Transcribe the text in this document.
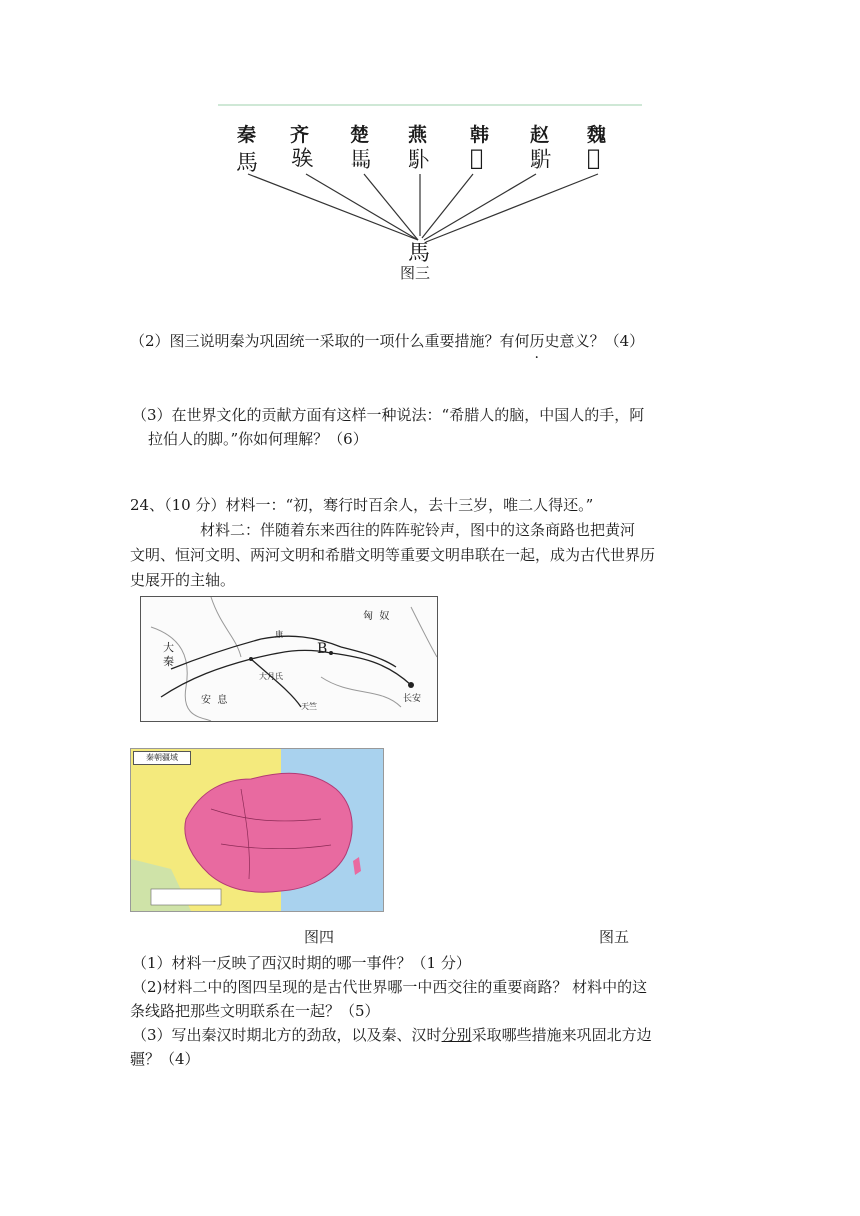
秦 齐 楚 燕 韩 赵 魏
馬 𫘤 𩡧 𩡭 𩢆 𩢝 𩢣
馬
图三
（2）图三说明秦为巩固统一采取的一项什么重要措施？有何历史意义？（4）
（3）在世界文化的贡献方面有这样一种说法：“希腊人的脑，中国人的手，阿
拉伯人的脚。”你如何理解？（6）
24、（10 分）材料一：“初，骞行时百余人，去十三岁，唯二人得还。”
材料二：伴随着东来西往的阵阵驼铃声，图中的这条商路也把黄河
文明、恒河文明、两河文明和希腊文明等重要文明串联在一起，成为古代世界历
史展开的主轴。
匈  奴
大
秦
安  息	长安
B
大月氏
康
天竺
秦朝疆域
图四	图五
（1）材料一反映了西汉时期的哪一事件？（1 分）
（2)材料二中的图四呈现的是古代世界哪一中西交往的重要商路？ 材料中的这
条线路把那些文明联系在一起？（5）
（3）写出秦汉时期北方的劲敌，以及秦、汉时分别采取哪些措施来巩固北方边
疆？（4）
